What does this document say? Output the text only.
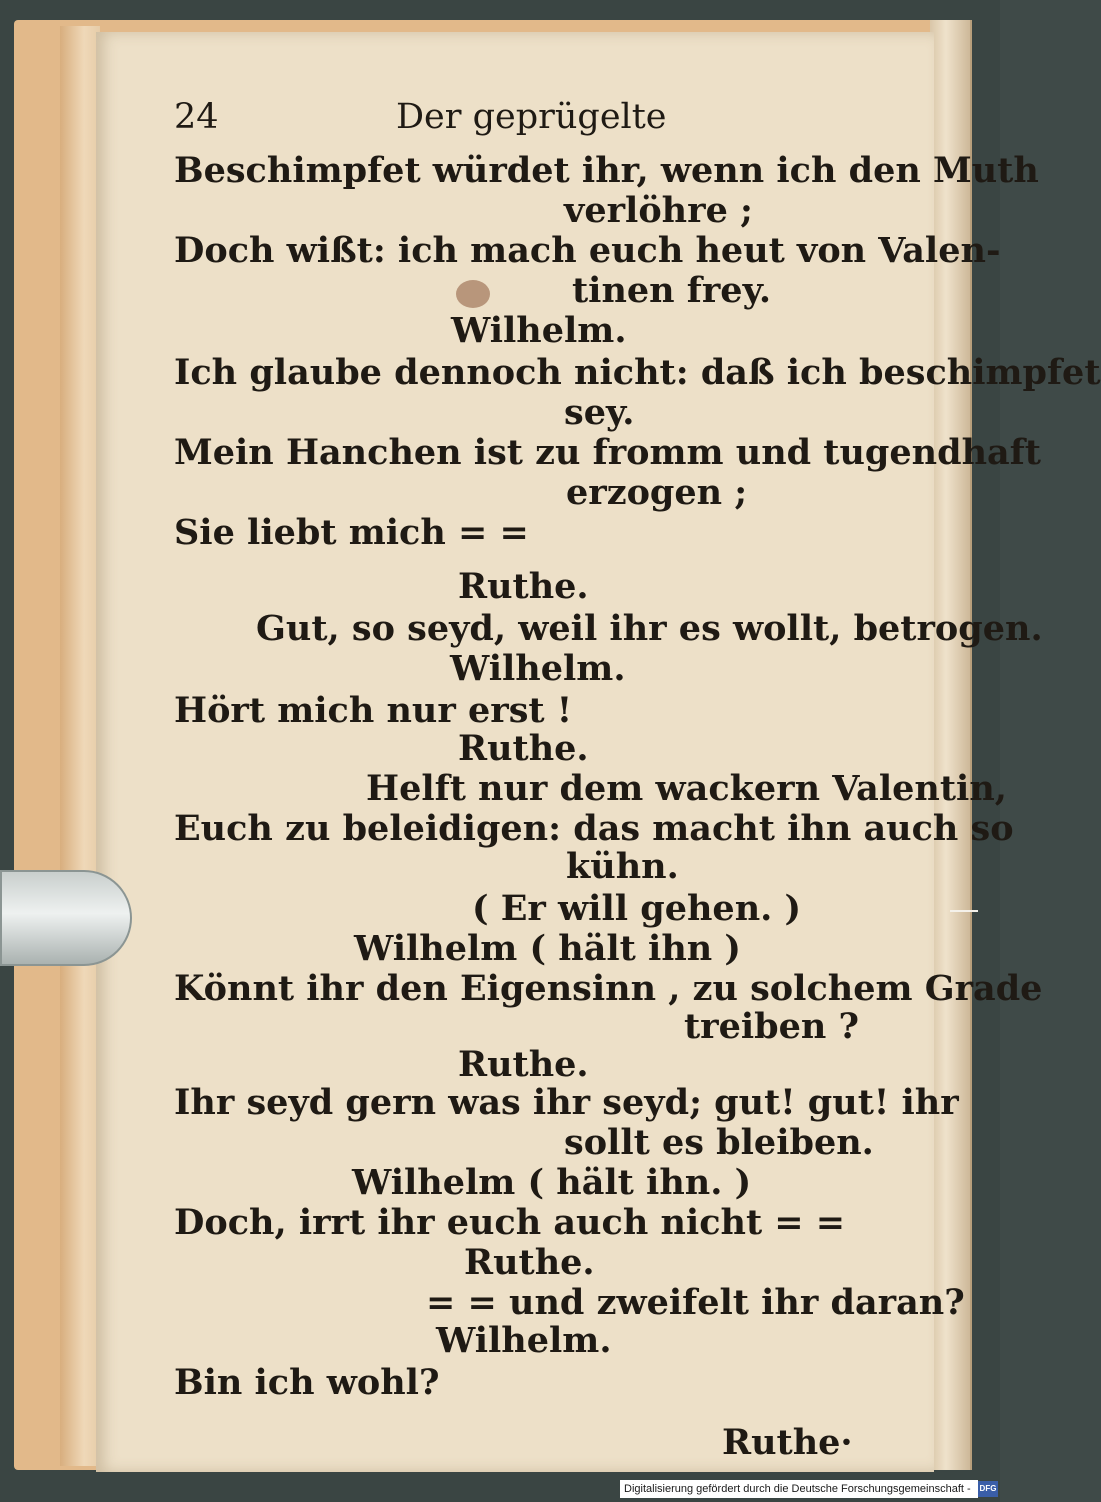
24	Der geprügelte

Beschimpfet würdet ihr, wenn ich den Muth

verlöhre ;

Doch wißt: ich mach euch heut von Valen-

tinen frey.

Wilhelm.

Ich glaube dennoch nicht: daß ich beschimpfet

sey.

Mein Hanchen ist zu fromm und tugendhaft

erzogen ;

Sie liebt mich = =

Ruthe.

Gut, so seyd, weil ihr es wollt, betrogen.

Wilhelm.

Hört mich nur erst !

Ruthe.

Helft nur dem wackern Valentin,

Euch zu beleidigen: das macht ihn auch so

kühn.

( Er will gehen. )

Wilhelm ( hält ihn )

Könnt ihr den Eigensinn , zu solchem Grade

treiben ?

Ruthe.

Ihr seyd gern was ihr seyd; gut! gut! ihr

sollt es bleiben.

Wilhelm ( hält ihn. )

Doch, irrt ihr euch auch nicht = =

Ruthe.

= = und zweifelt ihr daran?

Wilhelm.

Bin ich wohl?

Ruthe·

Digitalisierung gefördert durch die Deutsche Forschungsgemeinschaft -	DFG
